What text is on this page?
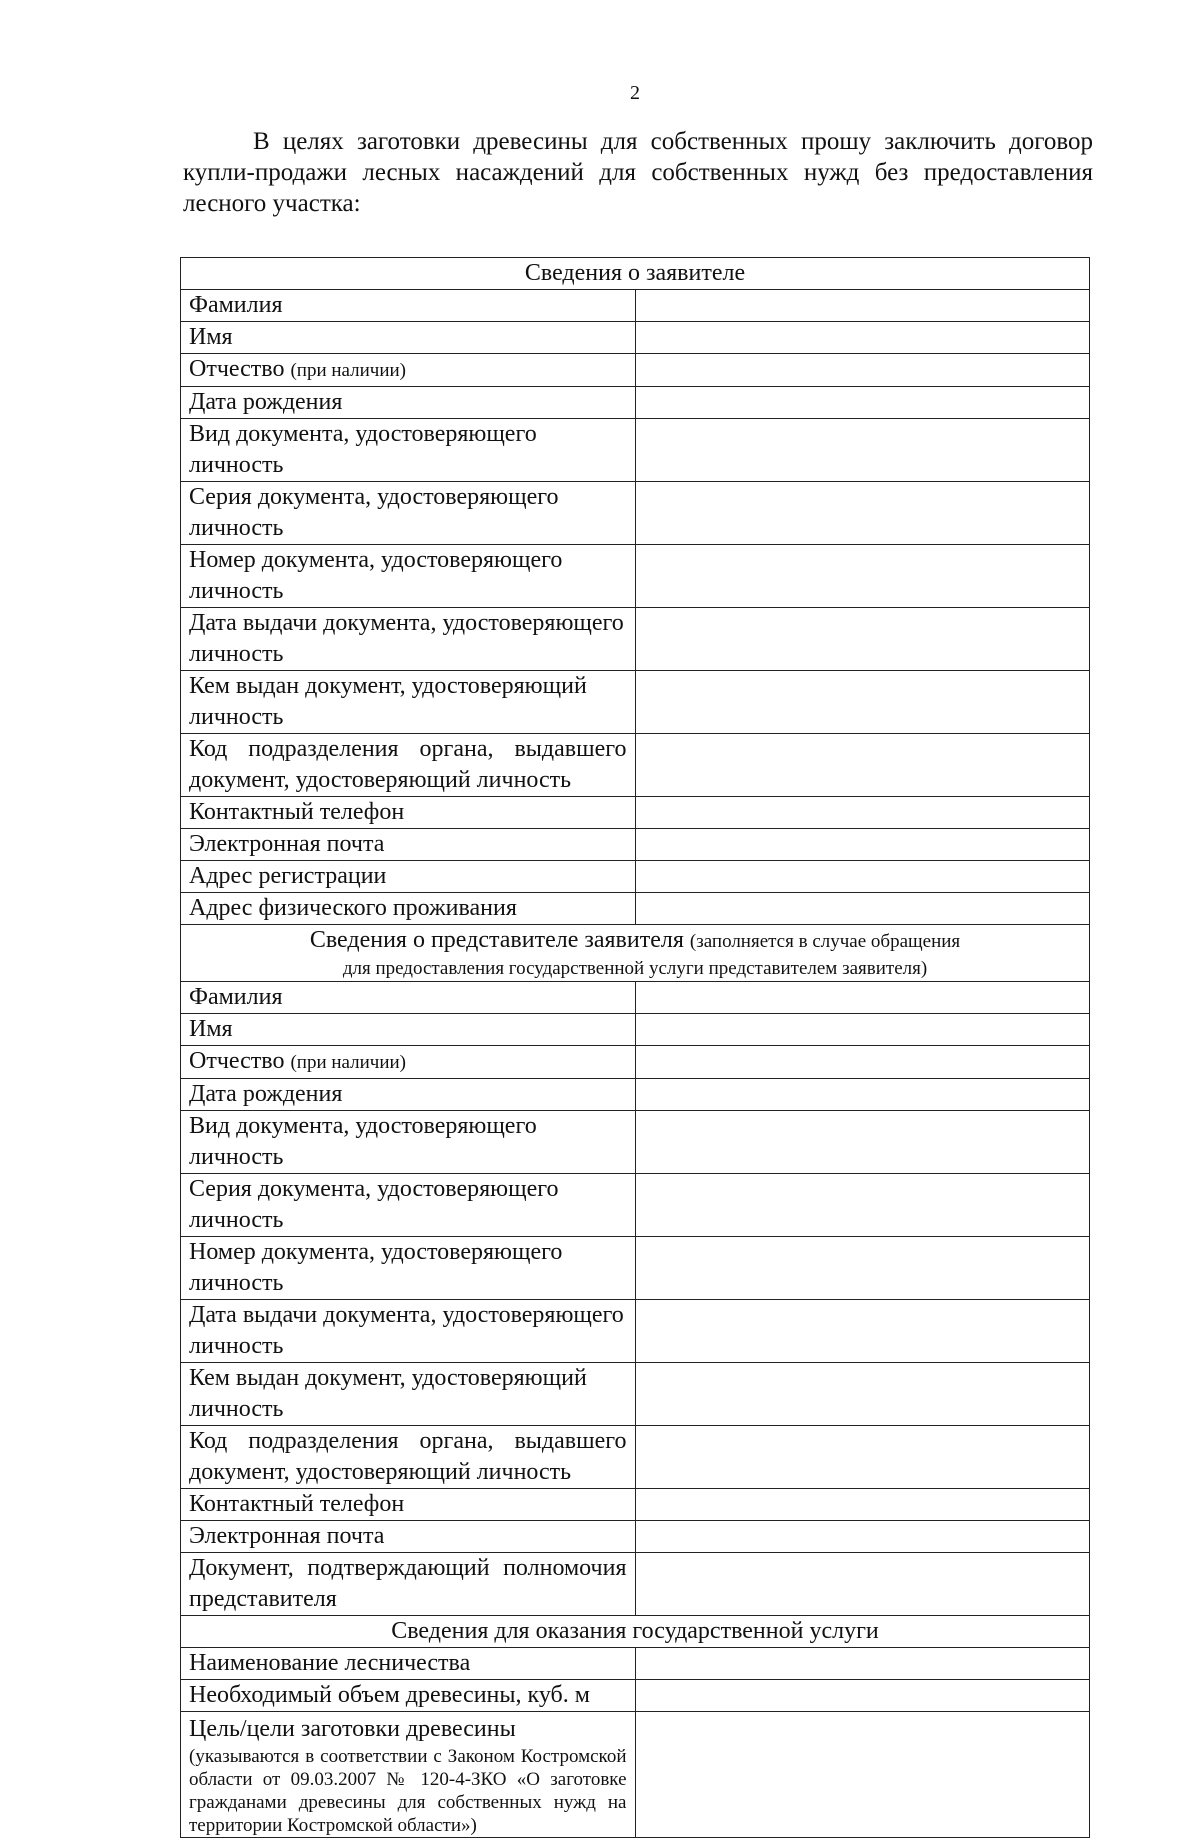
2

В целях заготовки древесины для собственных прошу заключить договор купли-продажи лесных насаждений для собственных нужд без предоставления лесного участка:

Сведения о заявителе	
Фамилия	
Имя	
Отчество (при наличии)	
Дата рождения	
Вид документа, удостоверяющего личность	
Серия документа, удостоверяющего личность	
Номер документа, удостоверяющего личность	
Дата выдачи документа, удостоверяющего личность	
Кем выдан документ, удостоверяющий личность	
Код подразделения органа, выдавшего документ, удостоверяющий личность	
Контактный телефон	
Электронная почта	
Адрес регистрации	
Адрес физического проживания	
Сведения о представителе заявителя (заполняется в случае обращения
для предоставления государственной услуги представителем заявителя)	

Фамилия	
Имя	
Отчество (при наличии)	
Дата рождения	
Вид документа, удостоверяющего личность	
Серия документа, удостоверяющего личность	
Номер документа, удостоверяющего личность	
Дата выдачи документа, удостоверяющего личность	
Кем выдан документ, удостоверяющий личность	
Код подразделения органа, выдавшего документ, удостоверяющий личность	
Контактный телефон	
Электронная почта	
Документ, подтверждающий полномочия представителя	
Сведения для оказания государственной услуги	
Наименование лесничества	
Необходимый объем древесины, куб. м	
Цель/цели заготовки древесины
(указываются в соответствии с Законом Костромской области от 09.03.2007 № 120-4-ЗКО «О заготовке гражданами древесины для собственных нужд на территории Костромской области»)	
